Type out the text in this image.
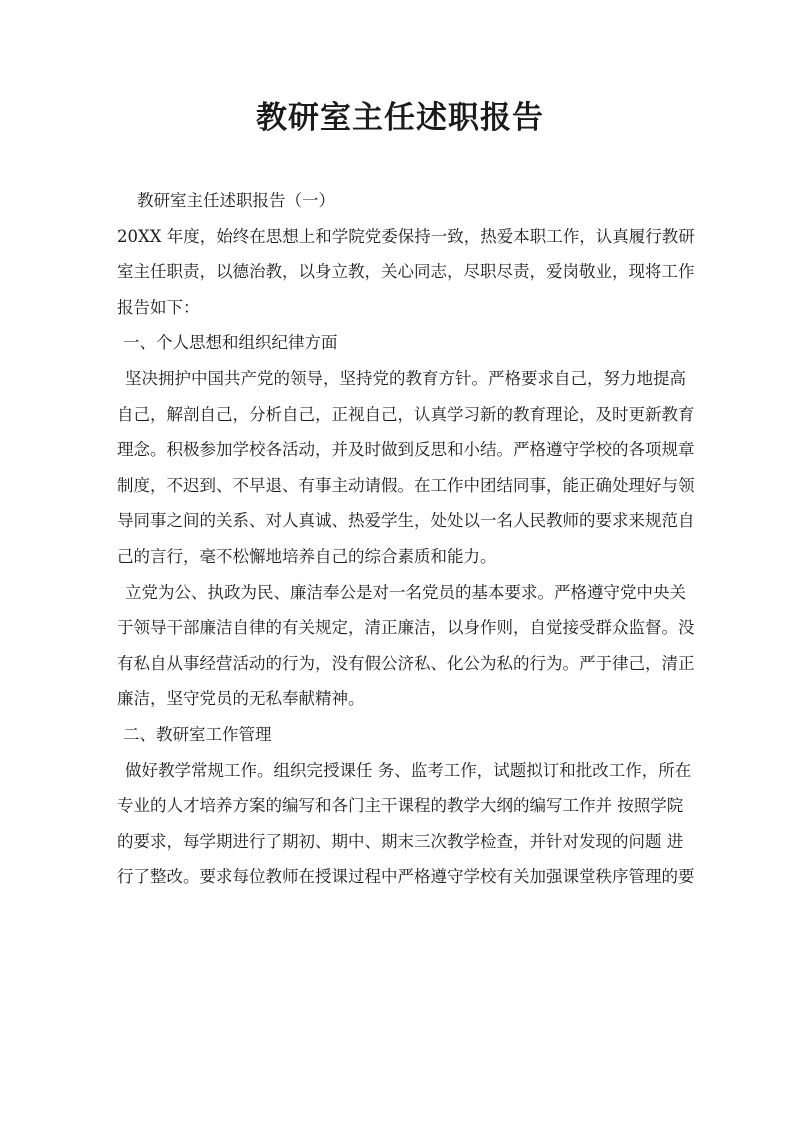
教研室主任述职报告
教研室主任述职报告（一）
20XX 年度，始终在思想上和学院党委保持一致，热爱本职工作，认真履行教研
室主任职责，以德治教，以身立教，关心同志，尽职尽责，爱岗敬业，现将工作
报告如下：
一、个人思想和组织纪律方面
坚决拥护中国共产党的领导，坚持党的教育方针。严格要求自己，努力地提高
自己，解剖自己，分析自己，正视自己，认真学习新的教育理论，及时更新教育
理念。积极参加学校各活动，并及时做到反思和小结。严格遵守学校的各项规章
制度，不迟到、不早退、有事主动请假。在工作中团结同事，能正确处理好与领
导同事之间的关系、对人真诚、热爱学生，处处以一名人民教师的要求来规范自
己的言行，毫不松懈地培养自己的综合素质和能力。
立党为公、执政为民、廉洁奉公是对一名党员的基本要求。严格遵守党中央关
于领导干部廉洁自律的有关规定，清正廉洁，以身作则，自觉接受群众监督。没
有私自从事经营活动的行为，没有假公济私、化公为私的行为。严于律己，清正
廉洁，坚守党员的无私奉献精神。
二、教研室工作管理
做好教学常规工作。组织完授课任 务、监考工作，试题拟订和批改工作，所在
专业的人才培养方案的编写和各门主干课程的教学大纲的编写工作并 按照学院
的要求，每学期进行了期初、期中、期末三次教学检查，并针对发现的问题 进
行了整改。要求每位教师在授课过程中严格遵守学校有关加强课堂秩序管理的要
